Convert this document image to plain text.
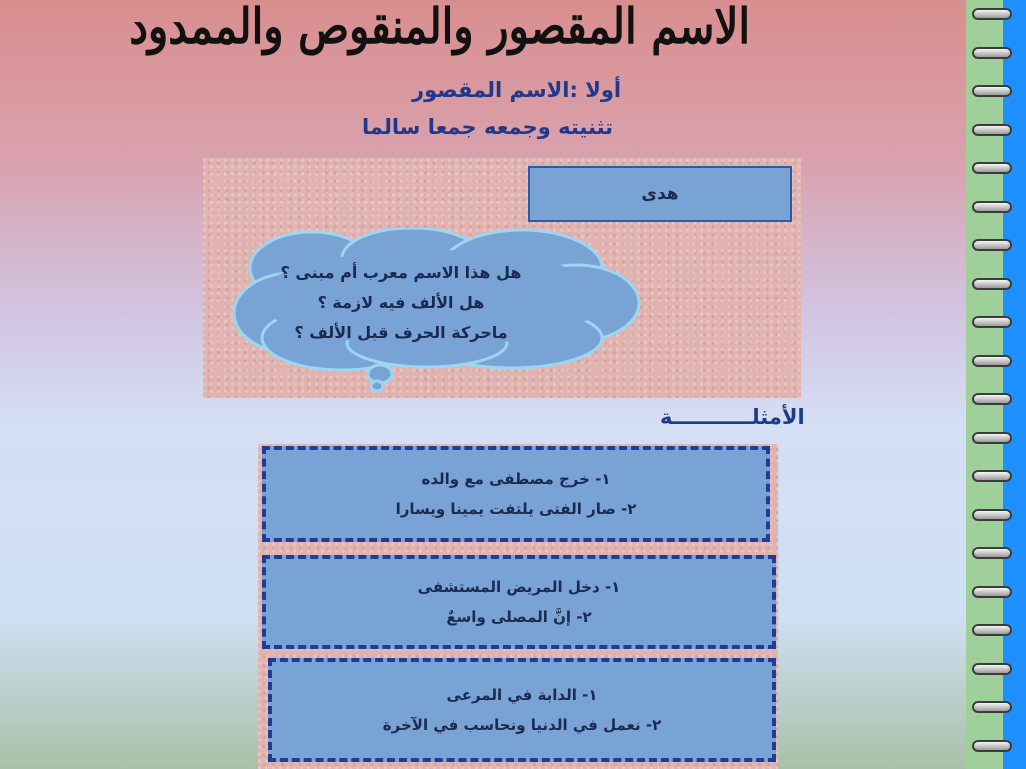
الاسم المقصور والمنقوص والممدود
أولا :الاسم المقصور
تثنيته وجمعه جمعا سالما
هدى
هل هذا الاسم معرب أم مبنى ؟
هل الألف فيه لازمة ؟
ماحركة الحرف قبل الألف ؟
الأمثلـــــــــــة
١- خرج مصطفى مع والده
٢- صار الفتى يلتفت يمينا ويسارا
١- دخل المريض المستشفى
٢- إنَّ المصلى واسعٌ
١- الدابة في المرعى
٢- نعمل في الدنيا ونحاسب في الآخرة
